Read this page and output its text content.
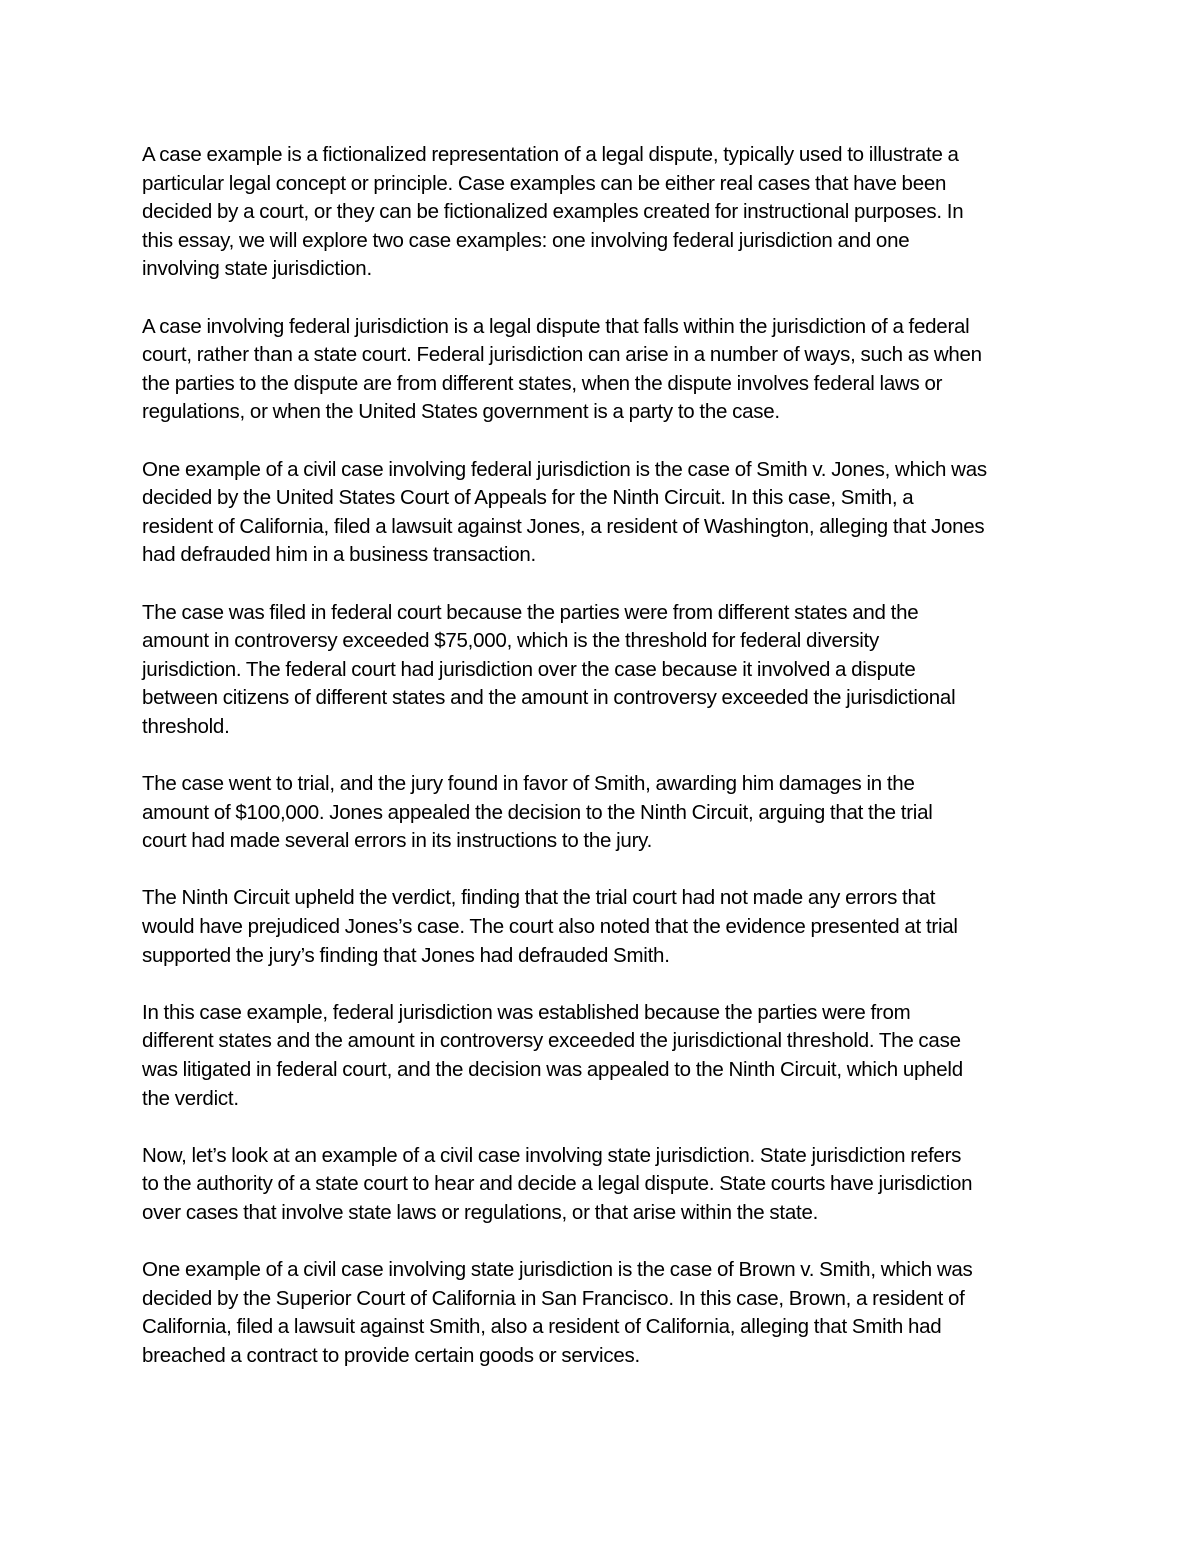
A case example is a fictionalized representation of a legal dispute, typically used to illustrate a
particular legal concept or principle. Case examples can be either real cases that have been
decided by a court, or they can be fictionalized examples created for instructional purposes. In
this essay, we will explore two case examples: one involving federal jurisdiction and one
involving state jurisdiction.

A case involving federal jurisdiction is a legal dispute that falls within the jurisdiction of a federal
court, rather than a state court. Federal jurisdiction can arise in a number of ways, such as when
the parties to the dispute are from different states, when the dispute involves federal laws or
regulations, or when the United States government is a party to the case.

One example of a civil case involving federal jurisdiction is the case of Smith v. Jones, which was
decided by the United States Court of Appeals for the Ninth Circuit. In this case, Smith, a
resident of California, filed a lawsuit against Jones, a resident of Washington, alleging that Jones
had defrauded him in a business transaction.

The case was filed in federal court because the parties were from different states and the
amount in controversy exceeded $75,000, which is the threshold for federal diversity
jurisdiction. The federal court had jurisdiction over the case because it involved a dispute
between citizens of different states and the amount in controversy exceeded the jurisdictional
threshold.

The case went to trial, and the jury found in favor of Smith, awarding him damages in the
amount of $100,000. Jones appealed the decision to the Ninth Circuit, arguing that the trial
court had made several errors in its instructions to the jury.

The Ninth Circuit upheld the verdict, finding that the trial court had not made any errors that
would have prejudiced Jones’s case. The court also noted that the evidence presented at trial
supported the jury’s finding that Jones had defrauded Smith.

In this case example, federal jurisdiction was established because the parties were from
different states and the amount in controversy exceeded the jurisdictional threshold. The case
was litigated in federal court, and the decision was appealed to the Ninth Circuit, which upheld
the verdict.

Now, let’s look at an example of a civil case involving state jurisdiction. State jurisdiction refers
to the authority of a state court to hear and decide a legal dispute. State courts have jurisdiction
over cases that involve state laws or regulations, or that arise within the state.

One example of a civil case involving state jurisdiction is the case of Brown v. Smith, which was
decided by the Superior Court of California in San Francisco. In this case, Brown, a resident of
California, filed a lawsuit against Smith, also a resident of California, alleging that Smith had
breached a contract to provide certain goods or services.
